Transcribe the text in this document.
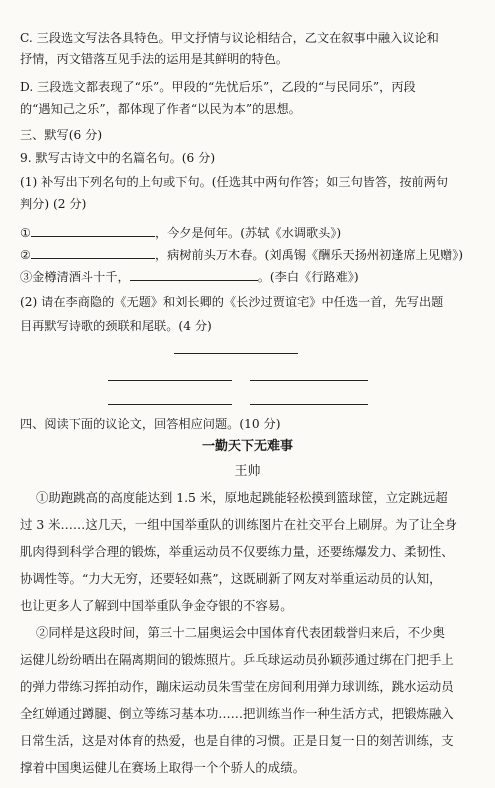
C. 三段选文写法各具特色。甲文抒情与议论相结合，乙文在叙事中融入议论和
抒情，丙文错落互见手法的运用是其鲜明的特色。
D. 三段选文都表现了“乐”。甲段的“先忧后乐”，乙段的“与民同乐”，丙段
的“遇知己之乐”，都体现了作者“以民为本”的思想。
三、默写(6 分)
9. 默写古诗文中的名篇名句。(6 分)
(1) 补写出下列名句的上句或下句。(任选其中两句作答；如三句皆答，按前两句
判分) (2 分)
①	，今夕是何年。(苏轼《水调歌头》)
②	，病树前头万木春。(刘禹锡《酬乐天扬州初逢席上见赠》)
③金樽清酒斗十千，	。(李白《行路难》)
(2) 请在李商隐的《无题》和刘长卿的《长沙过贾谊宅》中任选一首，先写出题
目再默写诗歌的颈联和尾联。(4 分)
四、阅读下面的议论文，回答相应问题。(10 分)
一勤天下无难事
王帅
①助跑跳高的高度能达到 1.5 米，原地起跳能轻松摸到篮球筐，立定跳远超
过 3 米……这几天，一组中国举重队的训练图片在社交平台上刷屏。为了让全身
肌肉得到科学合理的锻炼，举重运动员不仅要练力量，还要练爆发力、柔韧性、
协调性等。“力大无穷，还要轻如燕”，这既刷新了网友对举重运动员的认知，
也让更多人了解到中国举重队争金夺银的不容易。
②同样是这段时间，第三十二届奥运会中国体育代表团载誉归来后，不少奥
运健儿纷纷晒出在隔离期间的锻炼照片。乒乓球运动员孙颖莎通过绑在门把手上
的弹力带练习挥拍动作，蹦床运动员朱雪莹在房间利用弹力球训练，跳水运动员
全红婵通过蹲腿、倒立等练习基本功……把训练当作一种生活方式，把锻炼融入
日常生活，这是对体育的热爱，也是自律的习惯。正是日复一日的刻苦训练，支
撑着中国奥运健儿在赛场上取得一个个骄人的成绩。
